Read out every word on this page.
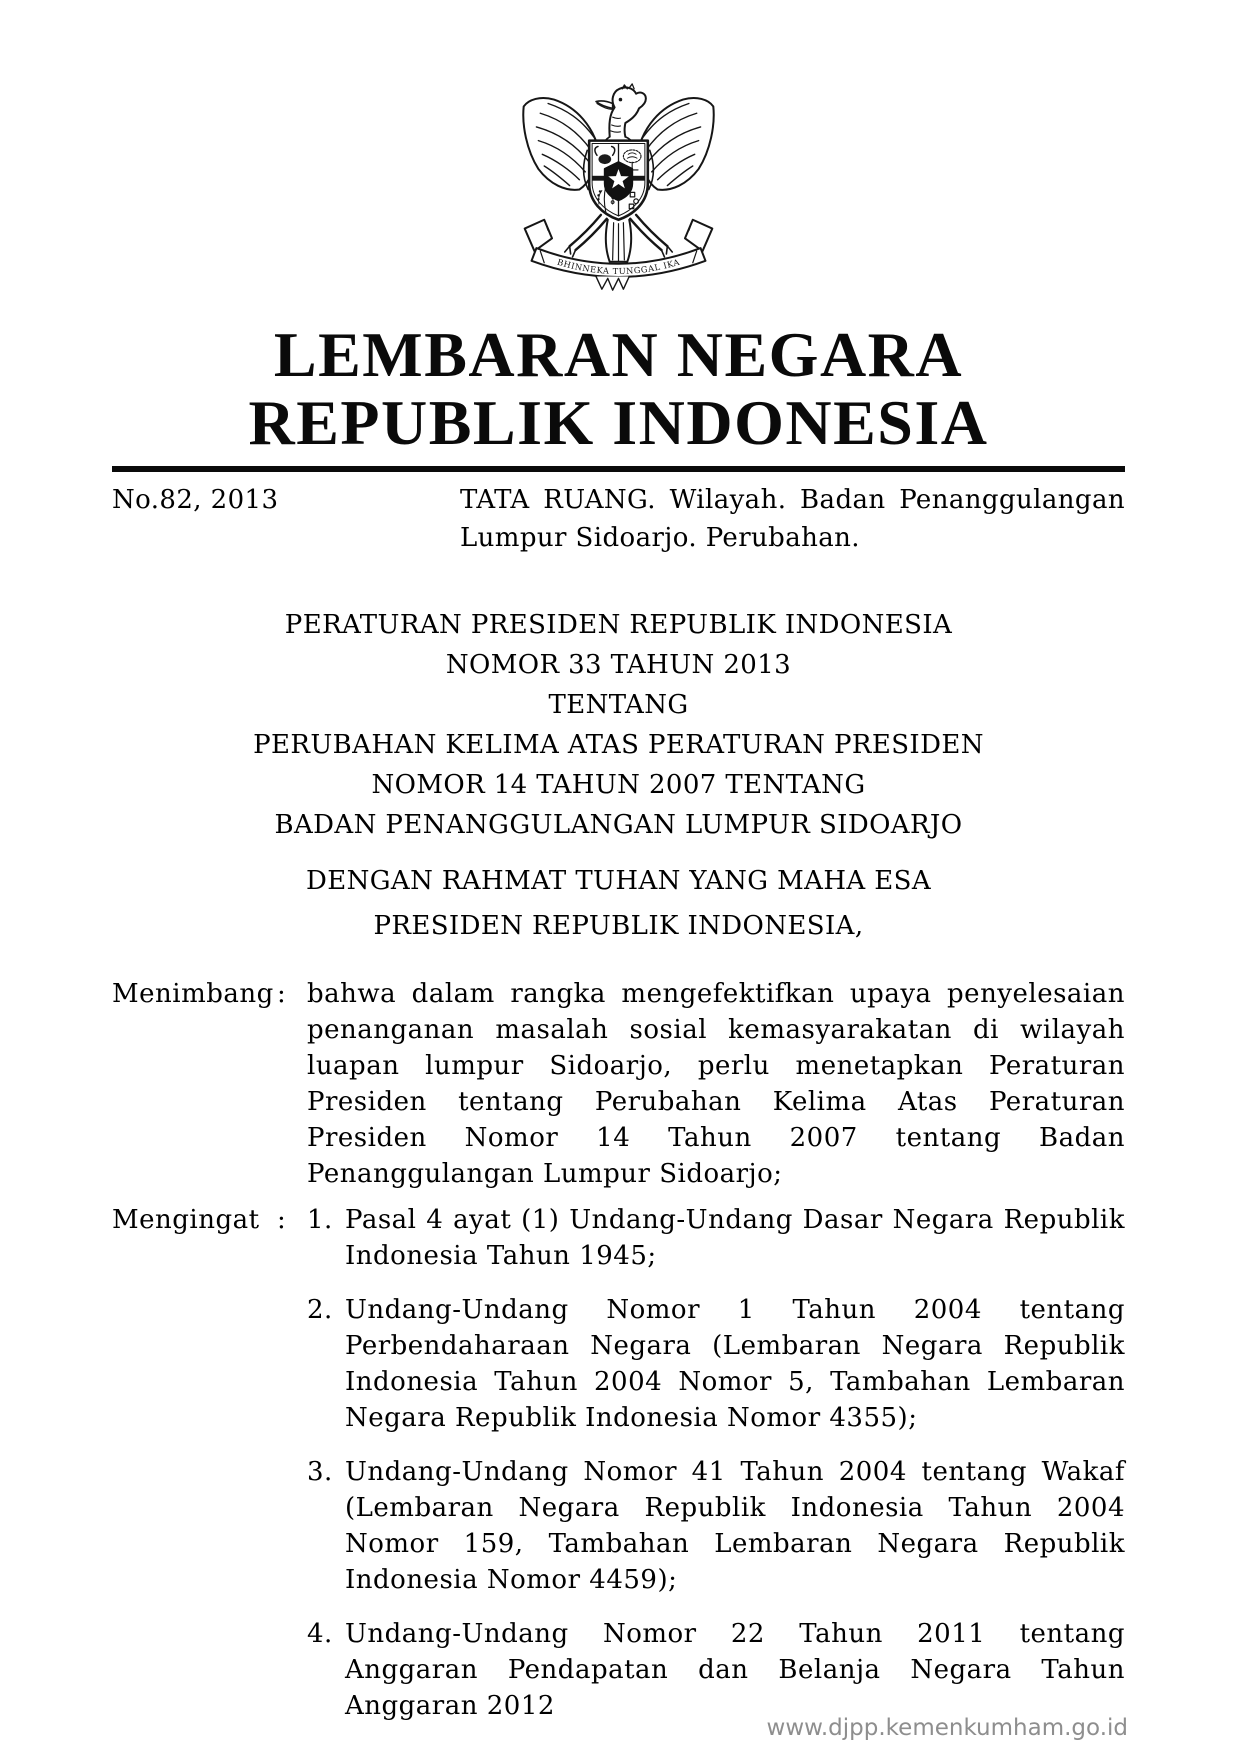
BHINNEKA TUNGGAL IKA
LEMBARAN NEGARA
REPUBLIK INDONESIA
No.82, 2013	TATA RUANG. Wilayah. Badan Penanggulangan Lumpur Sidoarjo. Perubahan.
PERATURAN PRESIDEN REPUBLIK INDONESIA
NOMOR 33 TAHUN 2013
TENTANG
PERUBAHAN KELIMA ATAS PERATURAN PRESIDEN
NOMOR 14 TAHUN 2007 TENTANG
BADAN PENANGGULANGAN LUMPUR SIDOARJO
DENGAN RAHMAT TUHAN YANG MAHA ESA
PRESIDEN REPUBLIK INDONESIA,
Menimbang : bahwa dalam rangka mengefektifkan upaya penyelesaian penanganan masalah sosial kemasyarakatan di wilayah luapan lumpur Sidoarjo, perlu menetapkan Peraturan Presiden tentang Perubahan Kelima Atas Peraturan Presiden Nomor 14 Tahun 2007 tentang Badan Penanggulangan Lumpur Sidoarjo;
Mengingat : 1. Pasal 4 ayat (1) Undang-Undang Dasar Negara Republik Indonesia Tahun 1945;
2. Undang-Undang Nomor 1 Tahun 2004 tentang Perbendaharaan Negara (Lembaran Negara Republik Indonesia Tahun 2004 Nomor 5, Tambahan Lembaran Negara Republik Indonesia Nomor 4355);
3. Undang-Undang Nomor 41 Tahun 2004 tentang Wakaf (Lembaran Negara Republik Indonesia Tahun 2004 Nomor 159, Tambahan Lembaran Negara Republik Indonesia Nomor 4459);
4. Undang-Undang Nomor 22 Tahun 2011 tentang Anggaran Pendapatan dan Belanja Negara Tahun Anggaran 2012
www.djpp.kemenkumham.go.id
